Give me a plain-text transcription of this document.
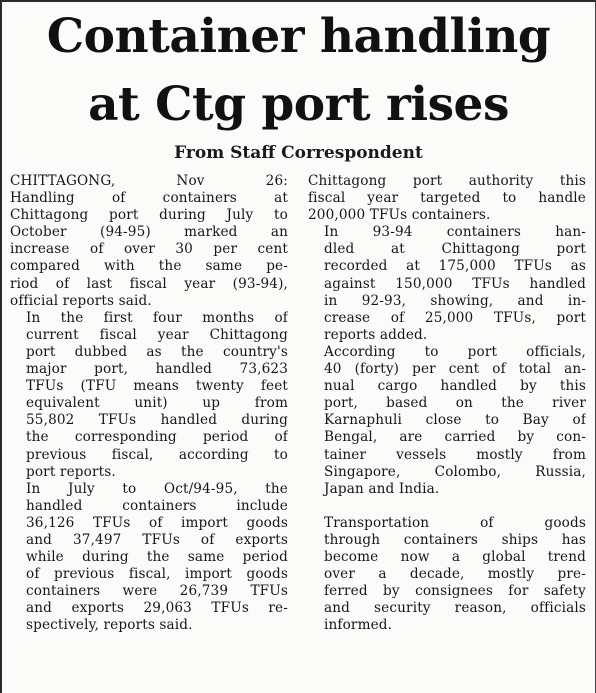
Container handling
at Ctg port rises
From Staff Correspondent

CHITTAGONG, Nov 26:
Handling of containers at
Chittagong port during July to
October (94-95) marked an
increase of over 30 per cent
compared with the same pe-
riod of last fiscal year (93-94),
official reports said.

In the first four months of
current fiscal year Chittagong
port dubbed as the country's
major port, handled 73,623
TFUs (TFU means twenty feet
equivalent unit) up from
55,802 TFUs handled during
the corresponding period of
previous fiscal, according to
port reports.

In July to Oct/94-95, the
handled containers include
36,126 TFUs of import goods
and 37,497 TFUs of exports
while during the same period
of previous fiscal, import goods
containers were 26,739 TFUs
and exports 29,063 TFUs re-
spectively, reports said.

Chittagong port authority this
fiscal year targeted to handle
200,000 TFUs containers.

In 93-94 containers han-
dled at Chittagong port
recorded at 175,000 TFUs as
against 150,000 TFUs handled
in 92-93, showing, and in-
crease of 25,000 TFUs, port
reports added.

According to port officials,
40 (forty) per cent of total an-
nual cargo handled by this
port, based on the river
Karnaphuli close to Bay of
Bengal, are carried by con-
tainer vessels mostly from
Singapore, Colombo, Russia,
Japan and India.

Transportation of goods
through containers ships has
become now a global trend
over a decade, mostly pre-
ferred by consignees for safety
and security reason, officials
informed.
